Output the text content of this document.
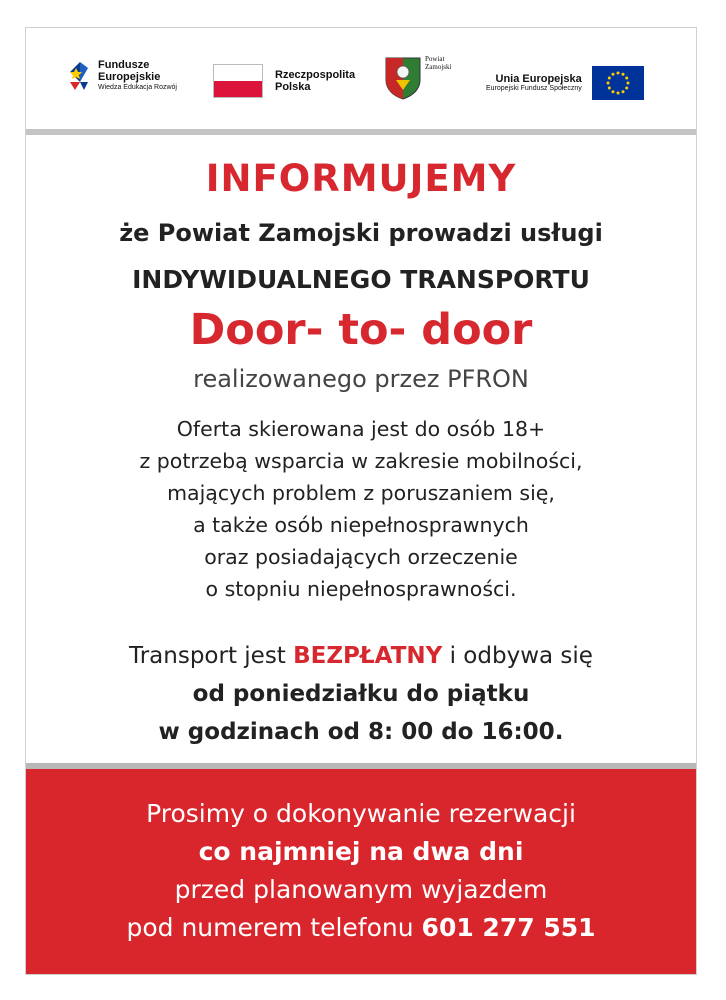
Fundusze
Europejskie
Wiedza Edukacja Rozwój
Rzeczpospolita
Polska
Powiat
Zamojski
Unia Europejska
Europejski Fundusz Społeczny
INFORMUJEMY
że Powiat Zamojski prowadzi usługi
INDYWIDUALNEGO TRANSPORTU
Door- to- door
realizowanego przez PFRON
Oferta skierowana jest do osób 18+
z potrzebą wsparcia w zakresie mobilności,
mających problem z poruszaniem się,
a także osób niepełnosprawnych
oraz posiadających orzeczenie
o stopniu niepełnosprawności.
Transport jest BEZPŁATNY i odbywa się
od poniedziałku do piątku
w godzinach od 8: 00 do 16:00.
Prosimy o dokonywanie rezerwacji
co najmniej na dwa dni
przed planowanym wyjazdem
pod numerem telefonu 601 277 551
